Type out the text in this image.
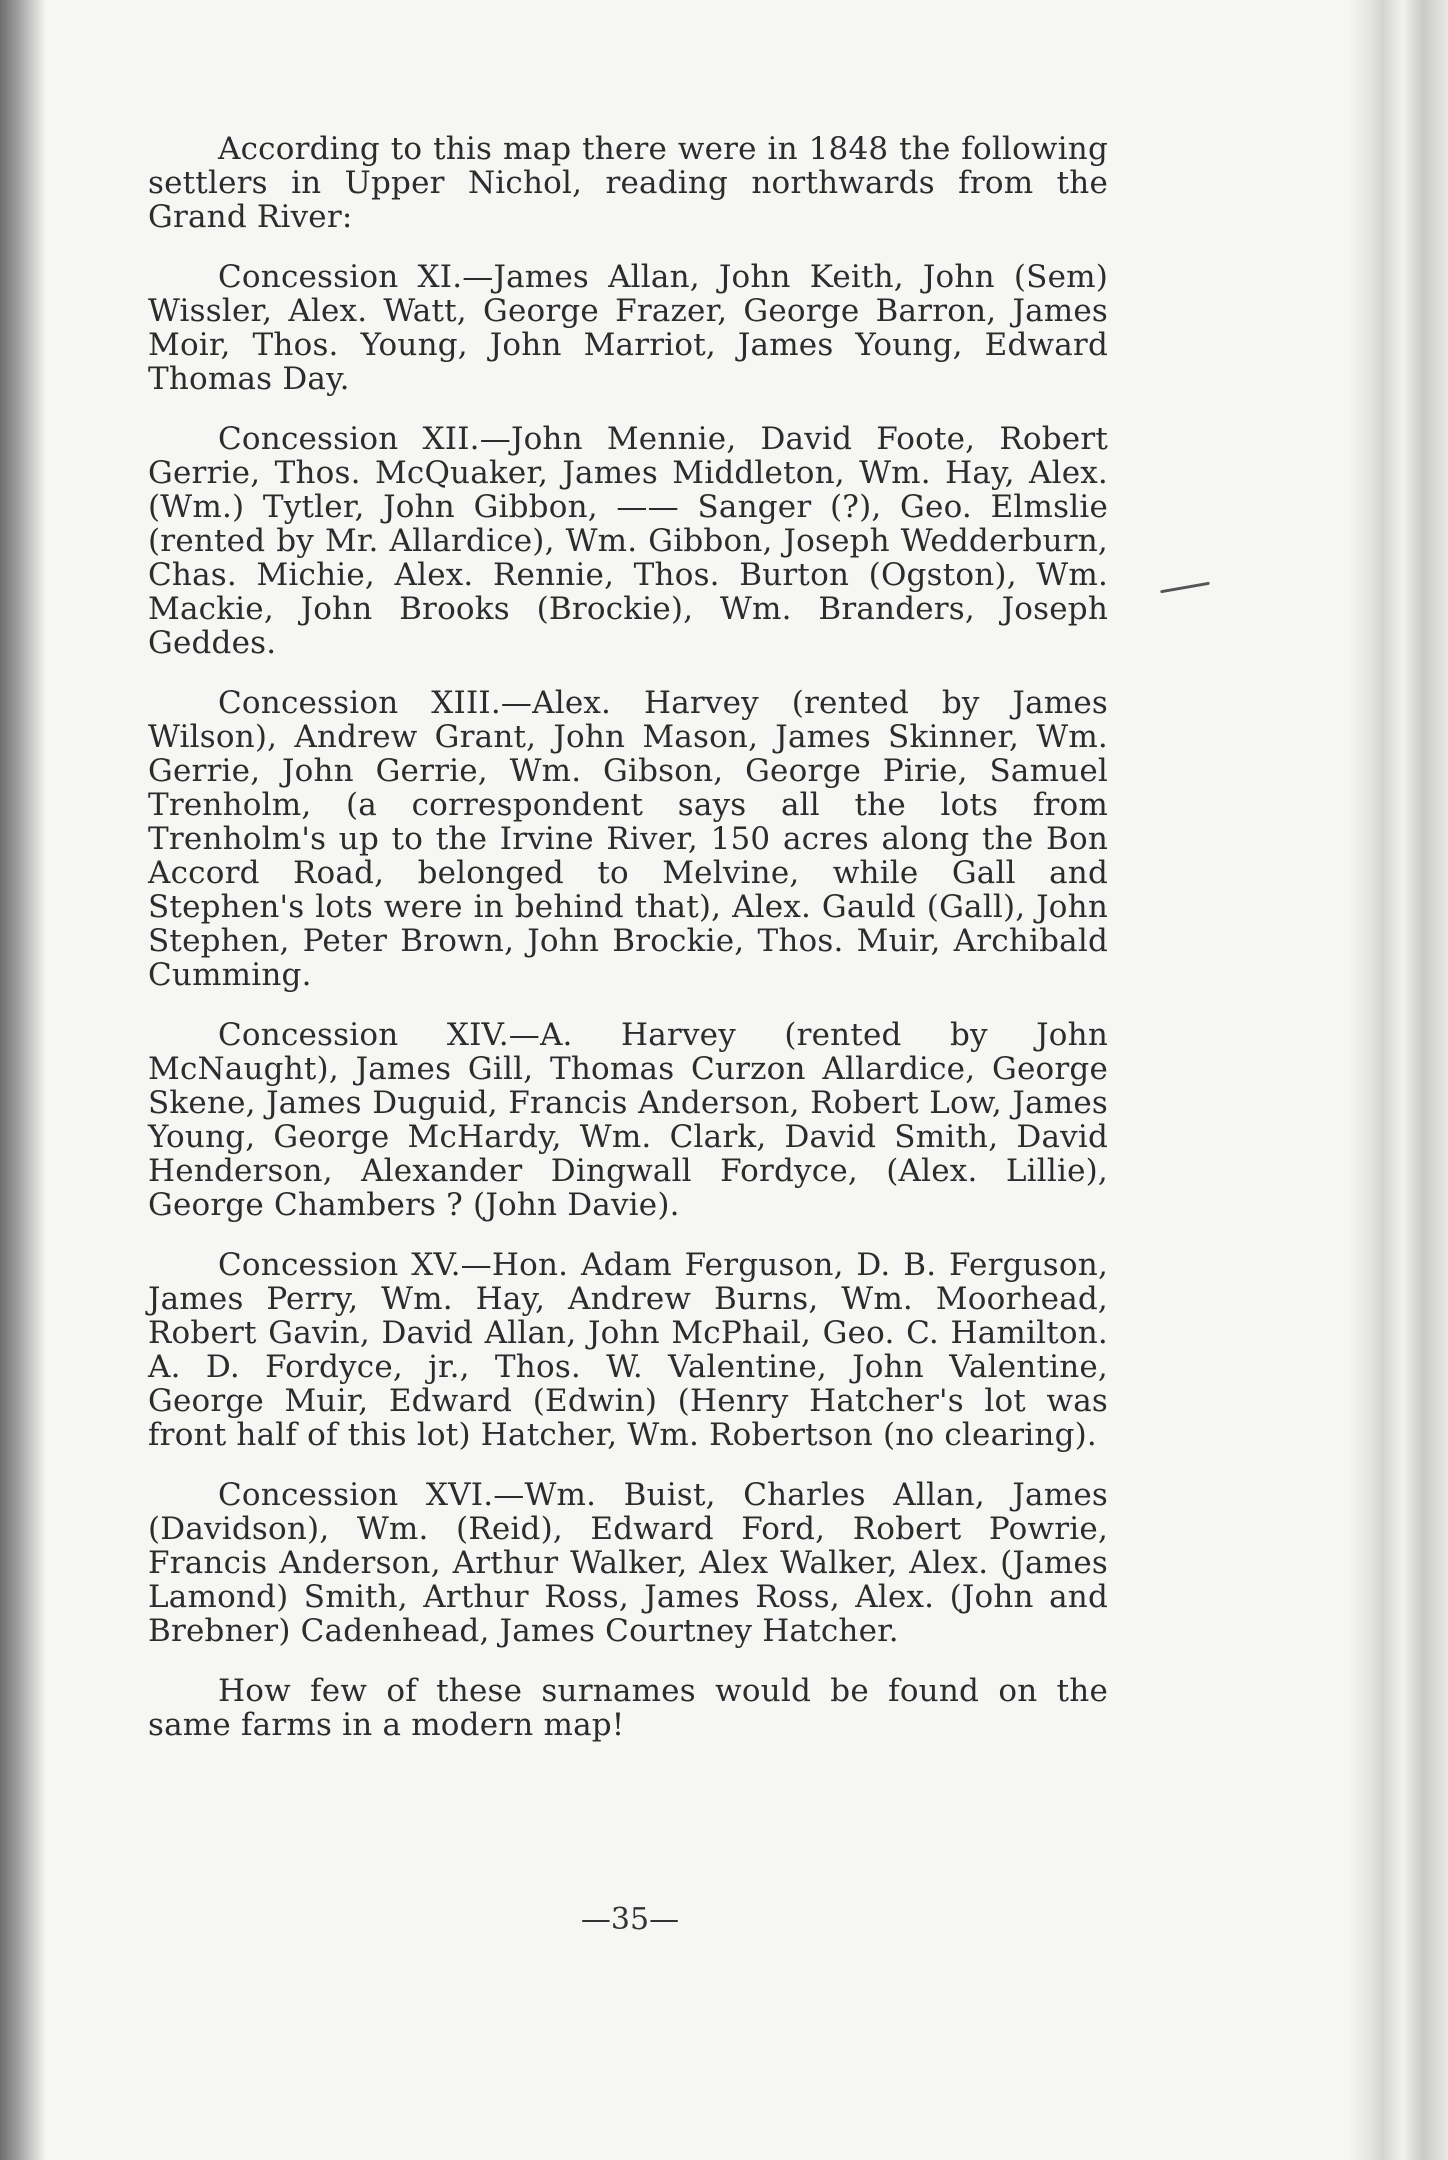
According to this map there were in 1848 the following settlers in Upper Nichol, reading northwards from the Grand River:

Concession XI.—James Allan, John Keith, John (Sem) Wissler, Alex. Watt, George Frazer, George Barron, James Moir, Thos. Young, John Marriot, James Young, Edward Thomas Day.

Concession XII.—John Mennie, David Foote, Robert Gerrie, Thos. McQuaker, James Middleton, Wm. Hay, Alex. (Wm.) Tytler, John Gibbon, —— Sanger (?), Geo. Elmslie (rented by Mr. Allardice), Wm. Gibbon, Joseph Wedderburn, Chas. Michie, Alex. Rennie, Thos. Burton (Ogston), Wm. Mackie, John Brooks (Brockie), Wm. Branders, Joseph Geddes.

Concession XIII.—Alex. Harvey (rented by James Wilson), Andrew Grant, John Mason, James Skinner, Wm. Gerrie, John Gerrie, Wm. Gibson, George Pirie, Samuel Trenholm, (a correspondent says all the lots from Trenholm's up to the Irvine River, 150 acres along the Bon Accord Road, belonged to Melvine, while Gall and Stephen's lots were in behind that), Alex. Gauld (Gall), John Stephen, Peter Brown, John Brockie, Thos. Muir, Archibald Cumming.

Concession XIV.—A. Harvey (rented by John McNaught), James Gill, Thomas Curzon Allardice, George Skene, James Duguid, Francis Anderson, Robert Low, James Young, George McHardy, Wm. Clark, David Smith, David Henderson, Alexander Dingwall Fordyce, (Alex. Lillie), George Chambers ? (John Davie).

Concession XV.—Hon. Adam Ferguson, D. B. Ferguson, James Perry, Wm. Hay, Andrew Burns, Wm. Moorhead, Robert Gavin, David Allan, John McPhail, Geo. C. Hamilton. A. D. Fordyce, jr., Thos. W. Valentine, John Valentine, George Muir, Edward (Edwin) (Henry Hatcher's lot was front half of this lot) Hatcher, Wm. Robertson (no clearing).

Concession XVI.—Wm. Buist, Charles Allan, James (Davidson), Wm. (Reid), Edward Ford, Robert Powrie, Francis Anderson, Arthur Walker, Alex Walker, Alex. (James Lamond) Smith, Arthur Ross, James Ross, Alex. (John and Brebner) Cadenhead, James Courtney Hatcher.

How few of these surnames would be found on the same farms in a modern map!

—35—
